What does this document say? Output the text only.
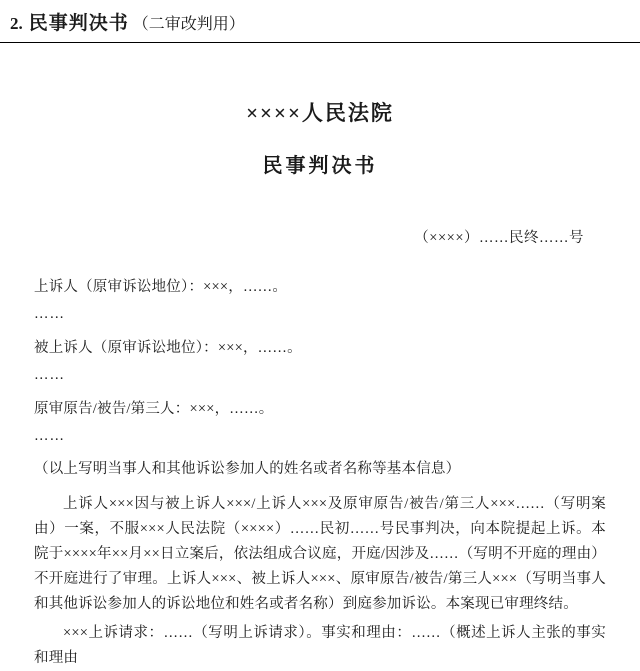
2. 民事判决书 （二审改判用）
××××人民法院
民事判决书
（××××）……民终……号
上诉人（原审诉讼地位）：×××，……。
……
被上诉人（原审诉讼地位）：×××，……。
……
原审原告/被告/第三人：×××，……。
……
（以上写明当事人和其他诉讼参加人的姓名或者名称等基本信息）
上诉人×××因与被上诉人×××/上诉人×××及原审原告/被告/第三人×××……（写明案由）一案，不服×××人民法院（××××）……民初……号民事判决，向本院提起上诉。本院于××××年××月××日立案后，依法组成合议庭，开庭/因涉及……（写明不开庭的理由）不开庭进行了审理。上诉人×××、被上诉人×××、原审原告/被告/第三人×××（写明当事人和其他诉讼参加人的诉讼地位和姓名或者名称）到庭参加诉讼。本案现已审理终结。
×××上诉请求：……（写明上诉请求）。事实和理由：……（概述上诉人主张的事实和理由
